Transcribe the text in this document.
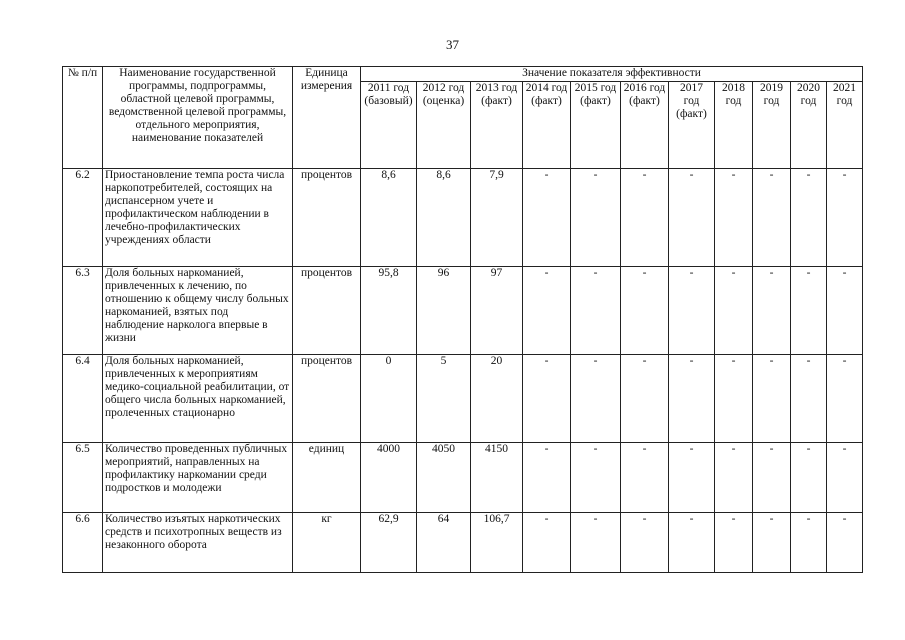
37
№ п/п	Наименование государственной программы, подпрограммы, областной целевой программы, ведомственной целевой программы, отдельного мероприятия, наименование показателей	Единица измерения	Значение показателя эффективности										
			2011 год (базовый)	2012 год (оценка)	2013 год (факт)	2014 год (факт)	2015 год (факт)	2016 год (факт)	2017 год (факт)	2018 год	2019 год	2020 год	2021 год
6.2	Приостановление темпа роста числа наркопотребителей, состоящих на диспансерном учете и профилактическом наблюдении в лечебно-профилактических учреждениях области	процентов	8,6	8,6	7,9	-	-	-	-	-	-	-	-
6.3	Доля больных наркоманией, привлеченных к лечению, по отношению к общему числу больных наркоманией, взятых под наблюдение нарколога впервые в жизни	процентов	95,8	96	97	-	-	-	-	-	-	-	-
6.4	Доля больных наркоманией, привлеченных к мероприятиям медико-социальной реабилитации, от общего числа больных наркоманией, пролеченных стационарно	процентов	0	5	20	-	-	-	-	-	-	-	-
6.5	Количество проведенных публичных мероприятий, направленных на профилактику наркомании среди подростков и молодежи	единиц	4000	4050	4150	-	-	-	-	-	-	-	-
6.6	Количество изъятых наркотических средств и психотропных веществ из незаконного оборота	кг	62,9	64	106,7	-	-	-	-	-	-	-	-
